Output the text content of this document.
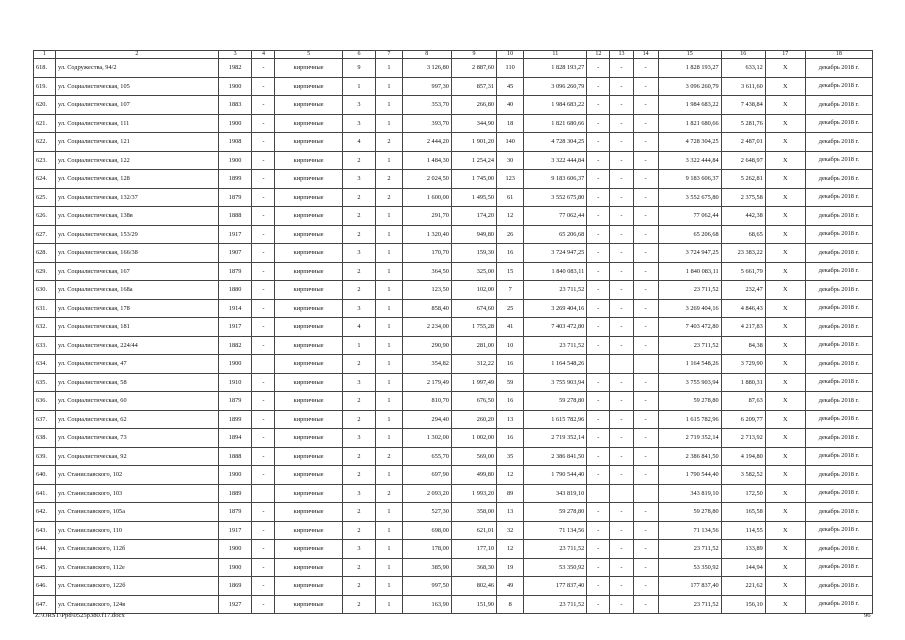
1	2	3	4	5	6	7	8	9	10	11	12	13	14	15	16	17	18
618.	ул. Содружества, 94/2	1982	-	кирпичные	9	1	3 126,80	2 887,60	110	1 828 193,27	-	-	-	1 828 193,27	633,12	X	декабрь 2018 г.
619.	ул. Социалистическая, 105	1900	-	кирпичные	1	1	997,30	857,31	45	3 096 260,79	-	-	-	3 096 260,79	3 611,60	X	декабрь 2018 г.
620.	ул. Социалистическая, 107	1883	-	кирпичные	3	1	353,70	266,80	40	1 984 683,22	-	-	-	1 984 683,22	7 438,84	X	декабрь 2018 г.
621.	ул. Социалистическая, 111	1900	-	кирпичные	3	1	393,70	344,90	18	1 821 680,66	-	-	-	1 821 680,66	5 281,76	X	декабрь 2018 г.
622.	ул. Социалистическая, 121	1908	-	кирпичные	4	2	2 444,20	1 901,20	140	4 728 304,25	-	-	-	4 728 304,25	2 487,01	X	декабрь 2018 г.
623.	ул. Социалистическая, 122	1900	-	кирпичные	2	1	1 484,30	1 254,24	30	3 322 444,84	-	-	-	3 322 444,84	2 648,97	X	декабрь 2018 г.
624.	ул. Социалистическая, 128	1899	-	кирпичные	3	2	2 024,50	1 745,00	123	9 183 606,37	-	-	-	9 183 606,37	5 262,81	X	декабрь 2018 г.
625.	ул. Социалистическая, 132/37	1879	-	кирпичные	2	2	1 600,00	1 495,50	61	3 552 675,80	-	-	-	3 552 675,80	2 375,58	X	декабрь 2018 г.
626.	ул. Социалистическая, 138в	1888	-	кирпичные	2	1	291,70	174,20	12	77 062,44	-	-	-	77 062,44	442,38	X	декабрь 2018 г.
627.	ул. Социалистическая, 153/29	1917	-	кирпичные	2	1	1 320,40	949,80	26	65 206,68	-	-	-	65 206,68	68,65	X	декабрь 2018 г.
628.	ул. Социалистическая, 166/38	1907	-	кирпичные	3	1	170,70	159,30	16	3 724 947,25	-	-	-	3 724 947,25	23 383,22	X	декабрь 2018 г.
629.	ул. Социалистическая, 167	1879	-	кирпичные	2	1	364,50	325,00	15	1 840 083,11	-	-	-	1 840 083,11	5 661,79	X	декабрь 2018 г.
630.	ул. Социалистическая, 168а	1880	-	кирпичные	2	1	123,50	102,00	7	23 711,52	-	-	-	23 711,52	232,47	X	декабрь 2018 г.
631.	ул. Социалистическая, 178	1914	-	кирпичные	3	1	858,40	674,60	25	3 269 404,16	-	-	-	3 269 404,16	4 846,43	X	декабрь 2018 г.
632.	ул. Социалистическая, 181	1917	-	кирпичные	4	1	2 234,00	1 755,28	41	7 403 472,80	-	-	-	7 403 472,80	4 217,83	X	декабрь 2018 г.
633.	ул. Социалистическая, 224/44	1882	-	кирпичные	1	1	290,90	281,00	10	23 711,52	-	-	-	23 711,52	84,38	X	декабрь 2018 г.
634.	ул. Социалистическая, 47	1900		кирпичные	2	1	354,82	312,22	16	1 164 548,26				1 164 548,26	3 729,90	X	декабрь 2018 г.
635.	ул. Социалистическая, 58	1910	-	кирпичные	3	1	2 179,49	1 997,49	59	3 755 903,94	-	-	-	3 755 903,94	1 880,31	X	декабрь 2018 г.
636.	ул. Социалистическая, 60	1879	-	кирпичные	2	1	810,70	676,50	16	59 278,80	-	-	-	59 278,80	87,63	X	декабрь 2018 г.
637.	ул. Социалистическая, 62	1899	-	кирпичные	2	1	294,40	260,20	13	1 615 782,96	-	-	-	1 615 782,96	6 209,77	X	декабрь 2018 г.
638.	ул. Социалистическая, 73	1894	-	кирпичные	3	1	1 302,00	1 002,00	16	2 719 352,14	-	-	-	2 719 352,14	2 713,92	X	декабрь 2018 г.
639.	ул. Социалистическая, 92	1888	-	кирпичные	2	2	655,70	569,00	35	2 386 841,50	-	-	-	2 386 841,50	4 194,80	X	декабрь 2018 г.
640.	ул. Станиславского, 102	1900	-	кирпичные	2	1	697,90	499,80	12	1 790 544,40	-	-	-	1 790 544,40	3 582,52	X	декабрь 2018 г.
641.	ул. Станиславского, 103	1889		кирпичные	3	2	2 093,20	1 993,20	89	343 819,10				343 819,10	172,50	X	декабрь 2018 г.
642.	ул. Станиславского, 105а	1879	-	кирпичные	2	1	527,30	358,00	13	59 278,80	-	-	-	59 278,80	165,58	X	декабрь 2018 г.
643.	ул. Станиславского, 110	1917	-	кирпичные	2	1	698,00	621,01	32	71 134,56	-	-	-	71 134,56	114,55	X	декабрь 2018 г.
644.	ул. Станиславского, 112б	1900	-	кирпичные	3	1	178,00	177,10	12	23 711,52	-	-	-	23 711,52	133,89	X	декабрь 2018 г.
645.	ул. Станиславского, 112е	1900	-	кирпичные	2	1	385,90	368,30	19	53 350,92	-	-	-	53 350,92	144,94	X	декабрь 2018 г.
646.	ул. Станиславского, 122б	1869	-	кирпичные	2	1	997,50	802,46	49	177 837,40	-	-	-	177 837,40	221,62	X	декабрь 2018 г.
647.	ул. Станиславского, 124в	1927	-	кирпичные	2	1	163,90	151,90	8	23 711,52	-	-	-	23 711,52	156,10	X	декабрь 2018 г.
Z:\ORST\Ppd\0525p380.f17.docx	96
